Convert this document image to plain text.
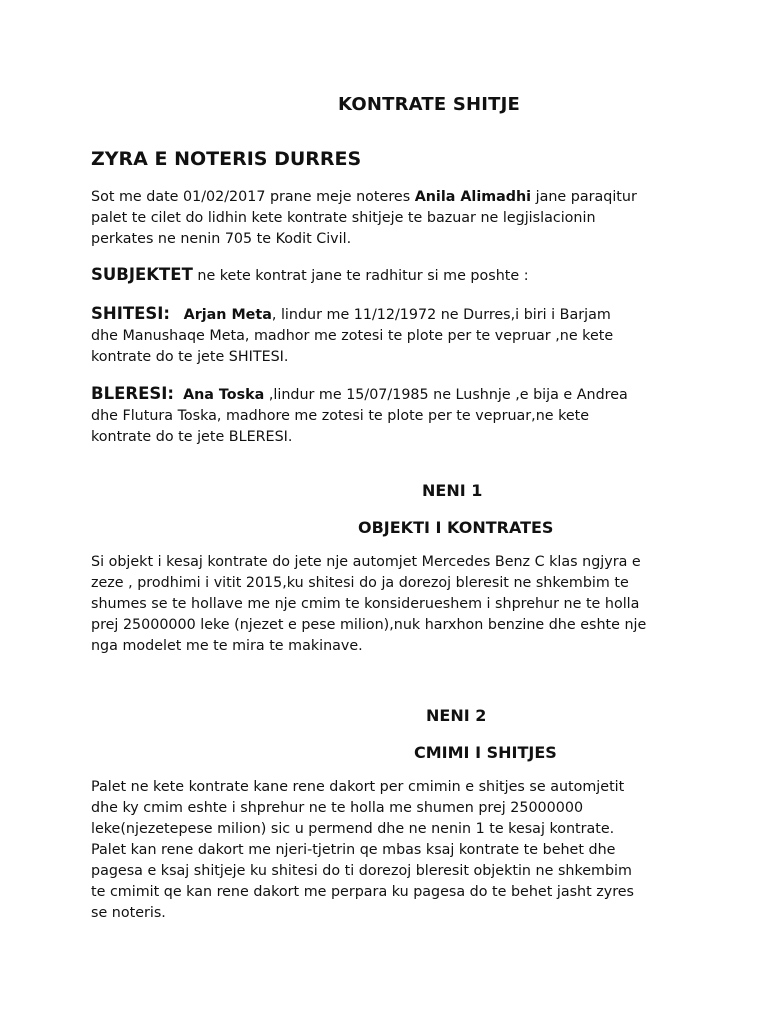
KONTRATE SHITJE
ZYRA E NOTERIS DURRES
Sot me date 01/02/2017 prane meje noteres Anila Alimadhi jane paraqitur
palet te cilet do lidhin kete kontrate shitjeje te bazuar ne legjislacionin
perkates ne nenin 705 te Kodit Civil.
SUBJEKTET ne kete kontrat jane te radhitur si me poshte :
SHITESI: Arjan Meta, lindur me 11/12/1972 ne Durres,i biri i Barjam
dhe Manushaqe Meta, madhor me zotesi te plote per te vepruar ,ne kete
kontrate do te jete SHITESI.
BLERESI: Ana Toska ,lindur me 15/07/1985 ne Lushnje ,e bija e Andrea
dhe Flutura Toska, madhore me zotesi te plote per te vepruar,ne kete
kontrate do te jete BLERESI.
NENI 1
OBJEKTI I KONTRATES
Si objekt i kesaj kontrate do jete nje automjet Mercedes Benz C klas ngjyra e
zeze , prodhimi i vitit 2015,ku shitesi do ja dorezoj bleresit ne shkembim te
shumes se te hollave me nje cmim te konsiderueshem i shprehur ne te holla
prej 25000000 leke (njezet e pese milion),nuk harxhon benzine dhe eshte nje
nga modelet me te mira te makinave.
NENI 2
CMIMI I SHITJES
Palet ne kete kontrate kane rene dakort per cmimin e shitjes se automjetit
dhe ky cmim eshte i shprehur ne te holla me shumen prej 25000000
leke(njezetepese milion) sic u permend dhe ne nenin 1 te kesaj kontrate.
Palet kan rene dakort me njeri-tjetrin qe mbas ksaj kontrate te behet dhe
pagesa e ksaj shitjeje ku shitesi do ti dorezoj bleresit objektin ne shkembim
te cmimit qe kan rene dakort me perpara ku pagesa do te behet jasht zyres
se noteris.
